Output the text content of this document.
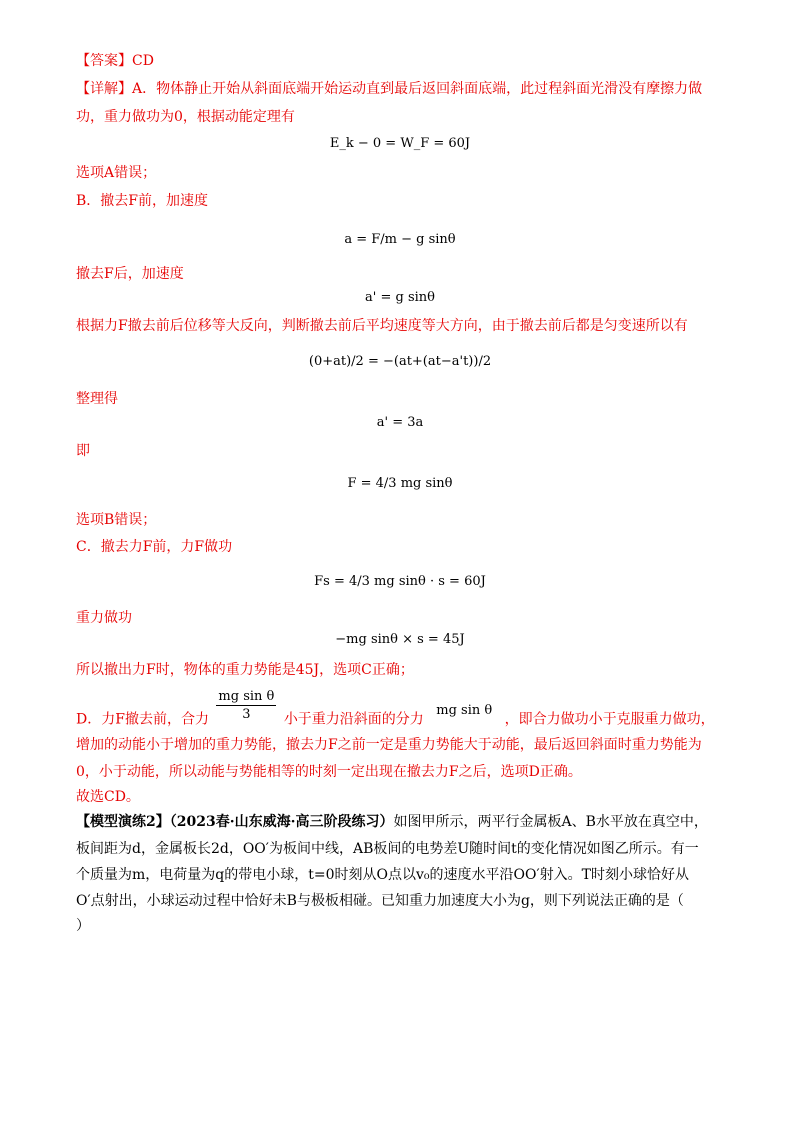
【答案】CD
【详解】A．物体静止开始从斜面底端开始运动直到最后返回斜面底端，此过程斜面光滑没有摩擦力做
功，重力做功为0，根据动能定理有
E_k − 0 = W_F = 60J
选项A错误；
B．撤去F前，加速度
a = F/m − g sinθ
撤去F后，加速度
a' = g sinθ
根据力F撤去前后位移等大反向，判断撤去前后平均速度等大方向，由于撤去前后都是匀变速所以有
(0+at)/2 = −(at+(at−a't))/2
整理得
a' = 3a
即
F = 4/3 mg sinθ
选项B错误；
C．撤去力F前，力F做功
Fs = 4/3 mg sinθ · s = 60J
重力做功
−mg sinθ × s = 45J
所以撤出力F时，物体的重力势能是45J，选项C正确；
D．力F撤去前，合力 $\frac{\text{mg sin θ}}{3}$ 小于重力沿斜面的分力 mg sin θ ，即合力做功小于克服重力做功，
增加的动能小于增加的重力势能，撤去力F之前一定是重力势能大于动能，最后返回斜面时重力势能为
0，小于动能，所以动能与势能相等的时刻一定出现在撤去力F之后，选项D正确。
故选CD。
【模型演练2】（2023春·山东威海·高三阶段练习）如图甲所示，两平行金属板A、B水平放在真空中，
板间距为d，金属板长2d，OO′为板间中线，AB板间的电势差U随时间t的变化情况如图乙所示。有一
个质量为m，电荷量为q的带电小球，t=0时刻从O点以v₀的速度水平沿OO′射入。T时刻小球恰好从
O′点射出，小球运动过程中恰好未B与极板相碰。已知重力加速度大小为g，则下列说法正确的是（
）
